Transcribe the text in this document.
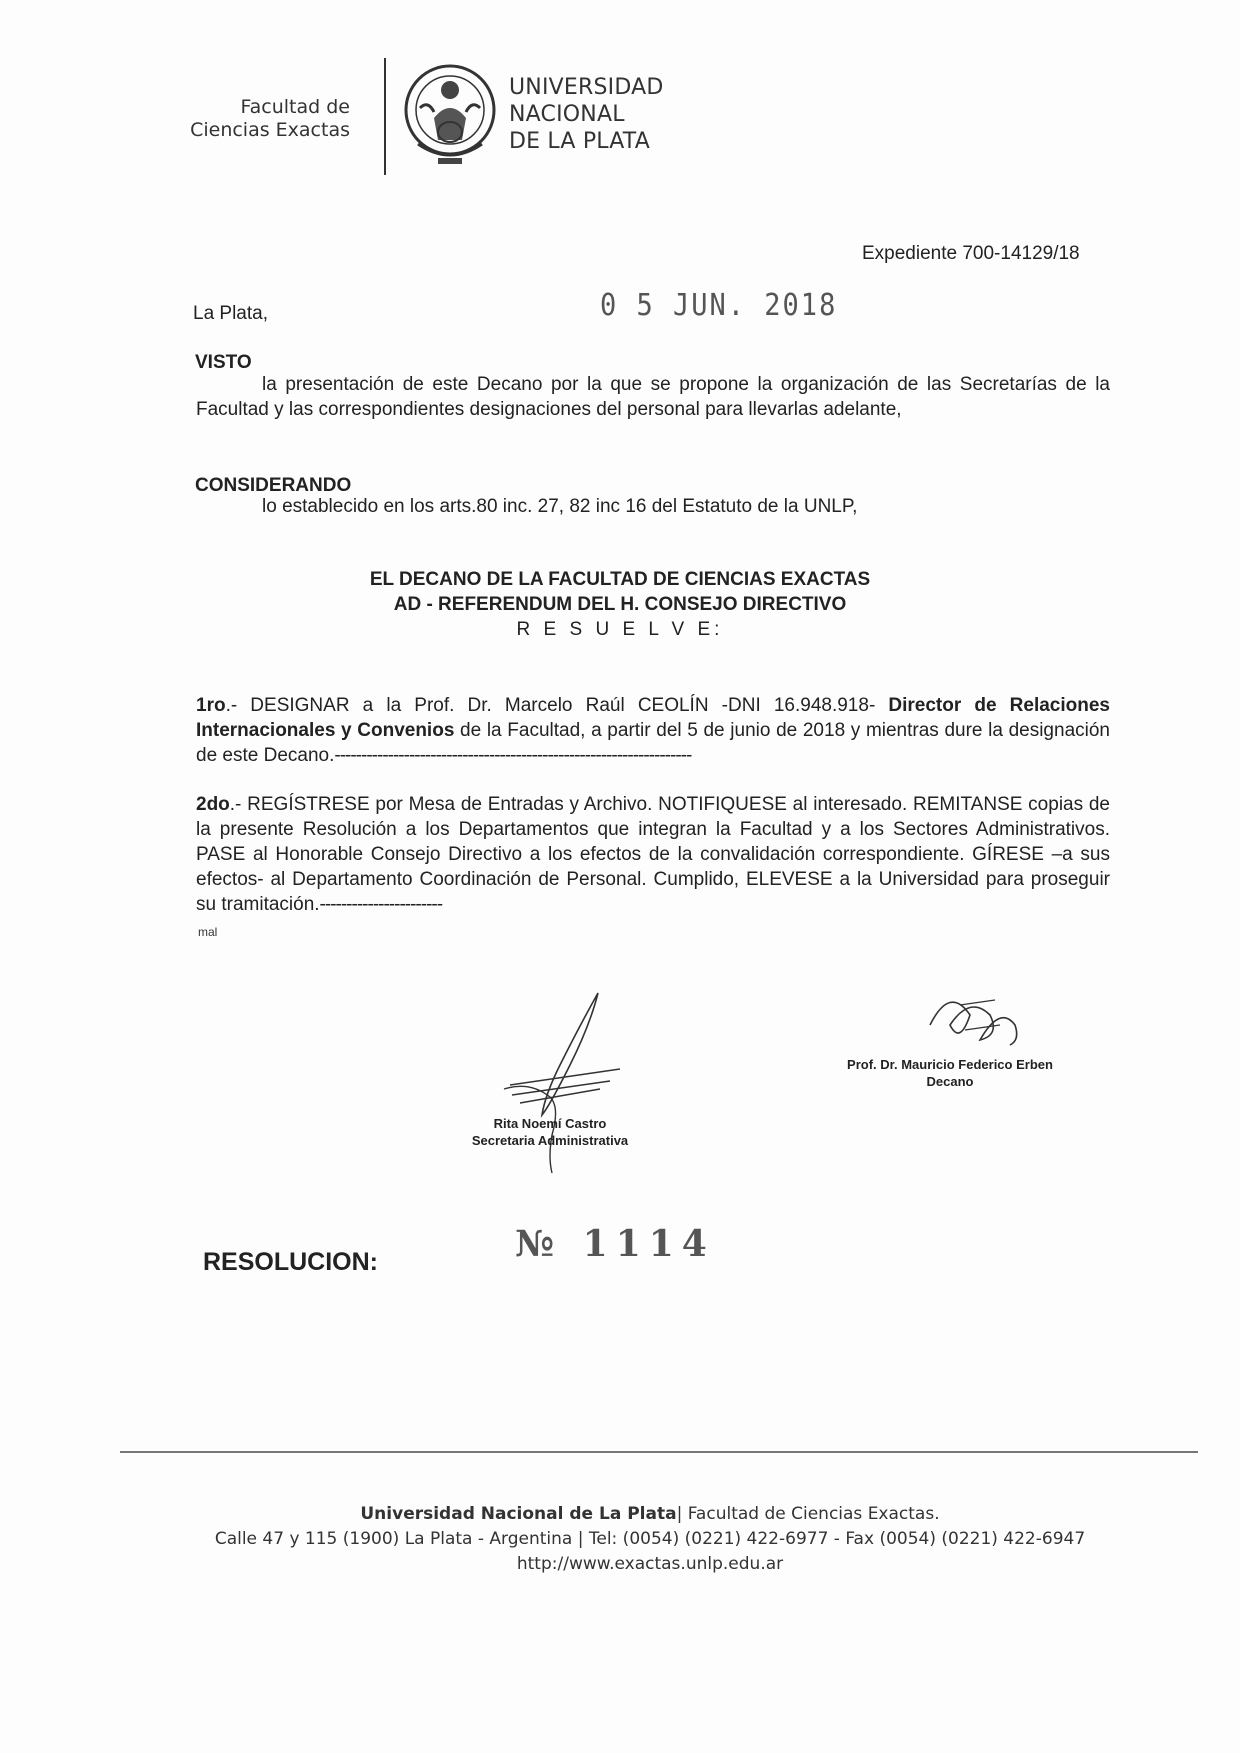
Facultad de
Ciencias Exactas
UNIVERSIDAD
NACIONAL
DE LA PLATA
Expediente 700-14129/18
La Plata,	0 5 JUN. 2018
VISTO
la presentación de este Decano por la que se propone la organización de las Secretarías de la Facultad y las correspondientes designaciones del personal para llevarlas adelante,
CONSIDERANDO
lo establecido en los arts.80 inc. 27, 82 inc 16 del Estatuto de la UNLP,
EL DECANO DE LA FACULTAD DE CIENCIAS EXACTAS
AD - REFERENDUM DEL H. CONSEJO DIRECTIVO
R E S U E L V E:
1ro.- DESIGNAR a la Prof. Dr. Marcelo Raúl CEOLÍN -DNI 16.948.918- Director de Relaciones Internacionales y Convenios de la Facultad, a partir del 5 de junio de 2018 y mientras dure la designación de este Decano.-------------------------------------------------------------------
2do.- REGÍSTRESE por Mesa de Entradas y Archivo. NOTIFIQUESE al interesado. REMITANSE copias de la presente Resolución a los Departamentos que integran la Facultad y a los Sectores Administrativos. PASE al Honorable Consejo Directivo a los efectos de la convalidación correspondiente. GÍRESE –a sus efectos- al Departamento Coordinación de Personal. Cumplido, ELEVESE a la Universidad para proseguir su tramitación.-----------------------
mal
Prof. Dr. Mauricio Federico Erben
Decano
Rita Noemí Castro
Secretaria Administrativa
RESOLUCION:	№ 1114
Universidad Nacional de La Plata| Facultad de Ciencias Exactas.
Calle 47 y 115 (1900) La Plata - Argentina | Tel: (0054) (0221) 422-6977 - Fax (0054) (0221) 422-6947
http://www.exactas.unlp.edu.ar
